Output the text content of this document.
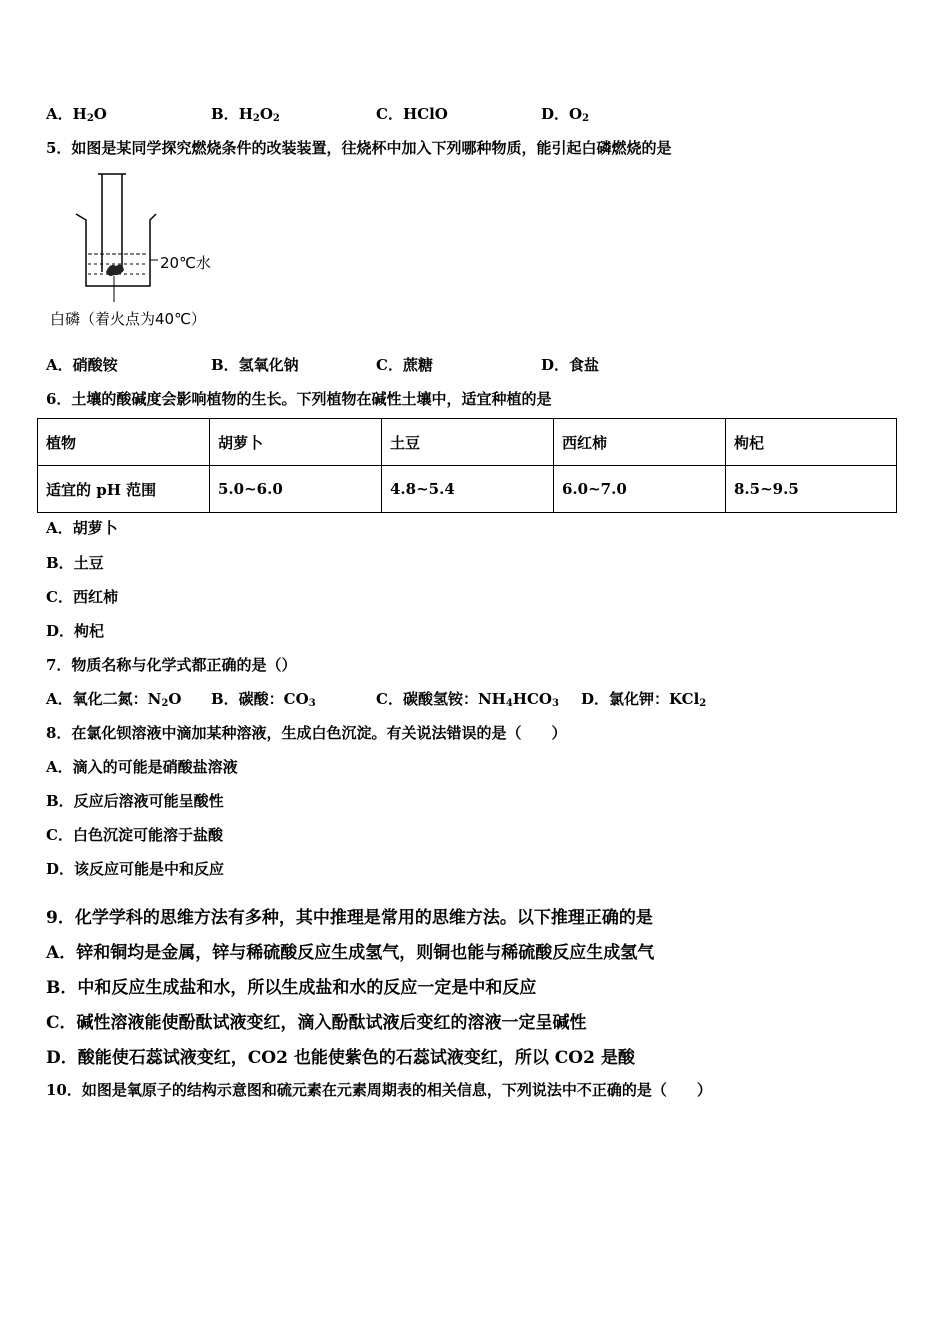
A．$H_2O$	B．$H_2O_2$	C．HClO	D．$O_2$
5．如图是某同学探究燃烧条件的改装装置，往烧杯中加入下列哪种物质，能引起白磷燃烧的是
20℃水
白磷（着火点为40℃）
A．硝酸铵	B．氢氧化钠	C．蔗糖	D．食盐
6．土壤的酸碱度会影响植物的生长。下列植物在碱性土壤中，适宜种植的是
植物	胡萝卜	土豆	西红柿	枸杞
适宜的 pH 范围	5.0~6.0	4.8~5.4	6.0~7.0	8.5~9.5
A．胡萝卜
B．土豆
C．西红柿
D．枸杞
7．物质名称与化学式都正确的是（）
A．氧化二氮：$N_2O$ B．碳酸：$CO_3$	C．碳酸氢铵：$NH_4HCO_3$ D．氯化钾：KCl$_2$
8．在氯化钡溶液中滴加某种溶液，生成白色沉淀。有关说法错误的是（　　）
A．滴入的可能是硝酸盐溶液
B．反应后溶液可能呈酸性
C．白色沉淀可能溶于盐酸
D．该反应可能是中和反应
9．化学学科的思维方法有多种，其中推理是常用的思维方法。以下推理正确的是
A．锌和铜均是金属，锌与稀硫酸反应生成氢气，则铜也能与稀硫酸反应生成氢气
B．中和反应生成盐和水，所以生成盐和水的反应一定是中和反应
C．碱性溶液能使酚酞试液变红，滴入酚酞试液后变红的溶液一定呈碱性
D．酸能使石蕊试液变红，CO2 也能使紫色的石蕊试液变红，所以 CO2 是酸
10．如图是氧原子的结构示意图和硫元素在元素周期表的相关信息，下列说法中不正确的是（　　）
